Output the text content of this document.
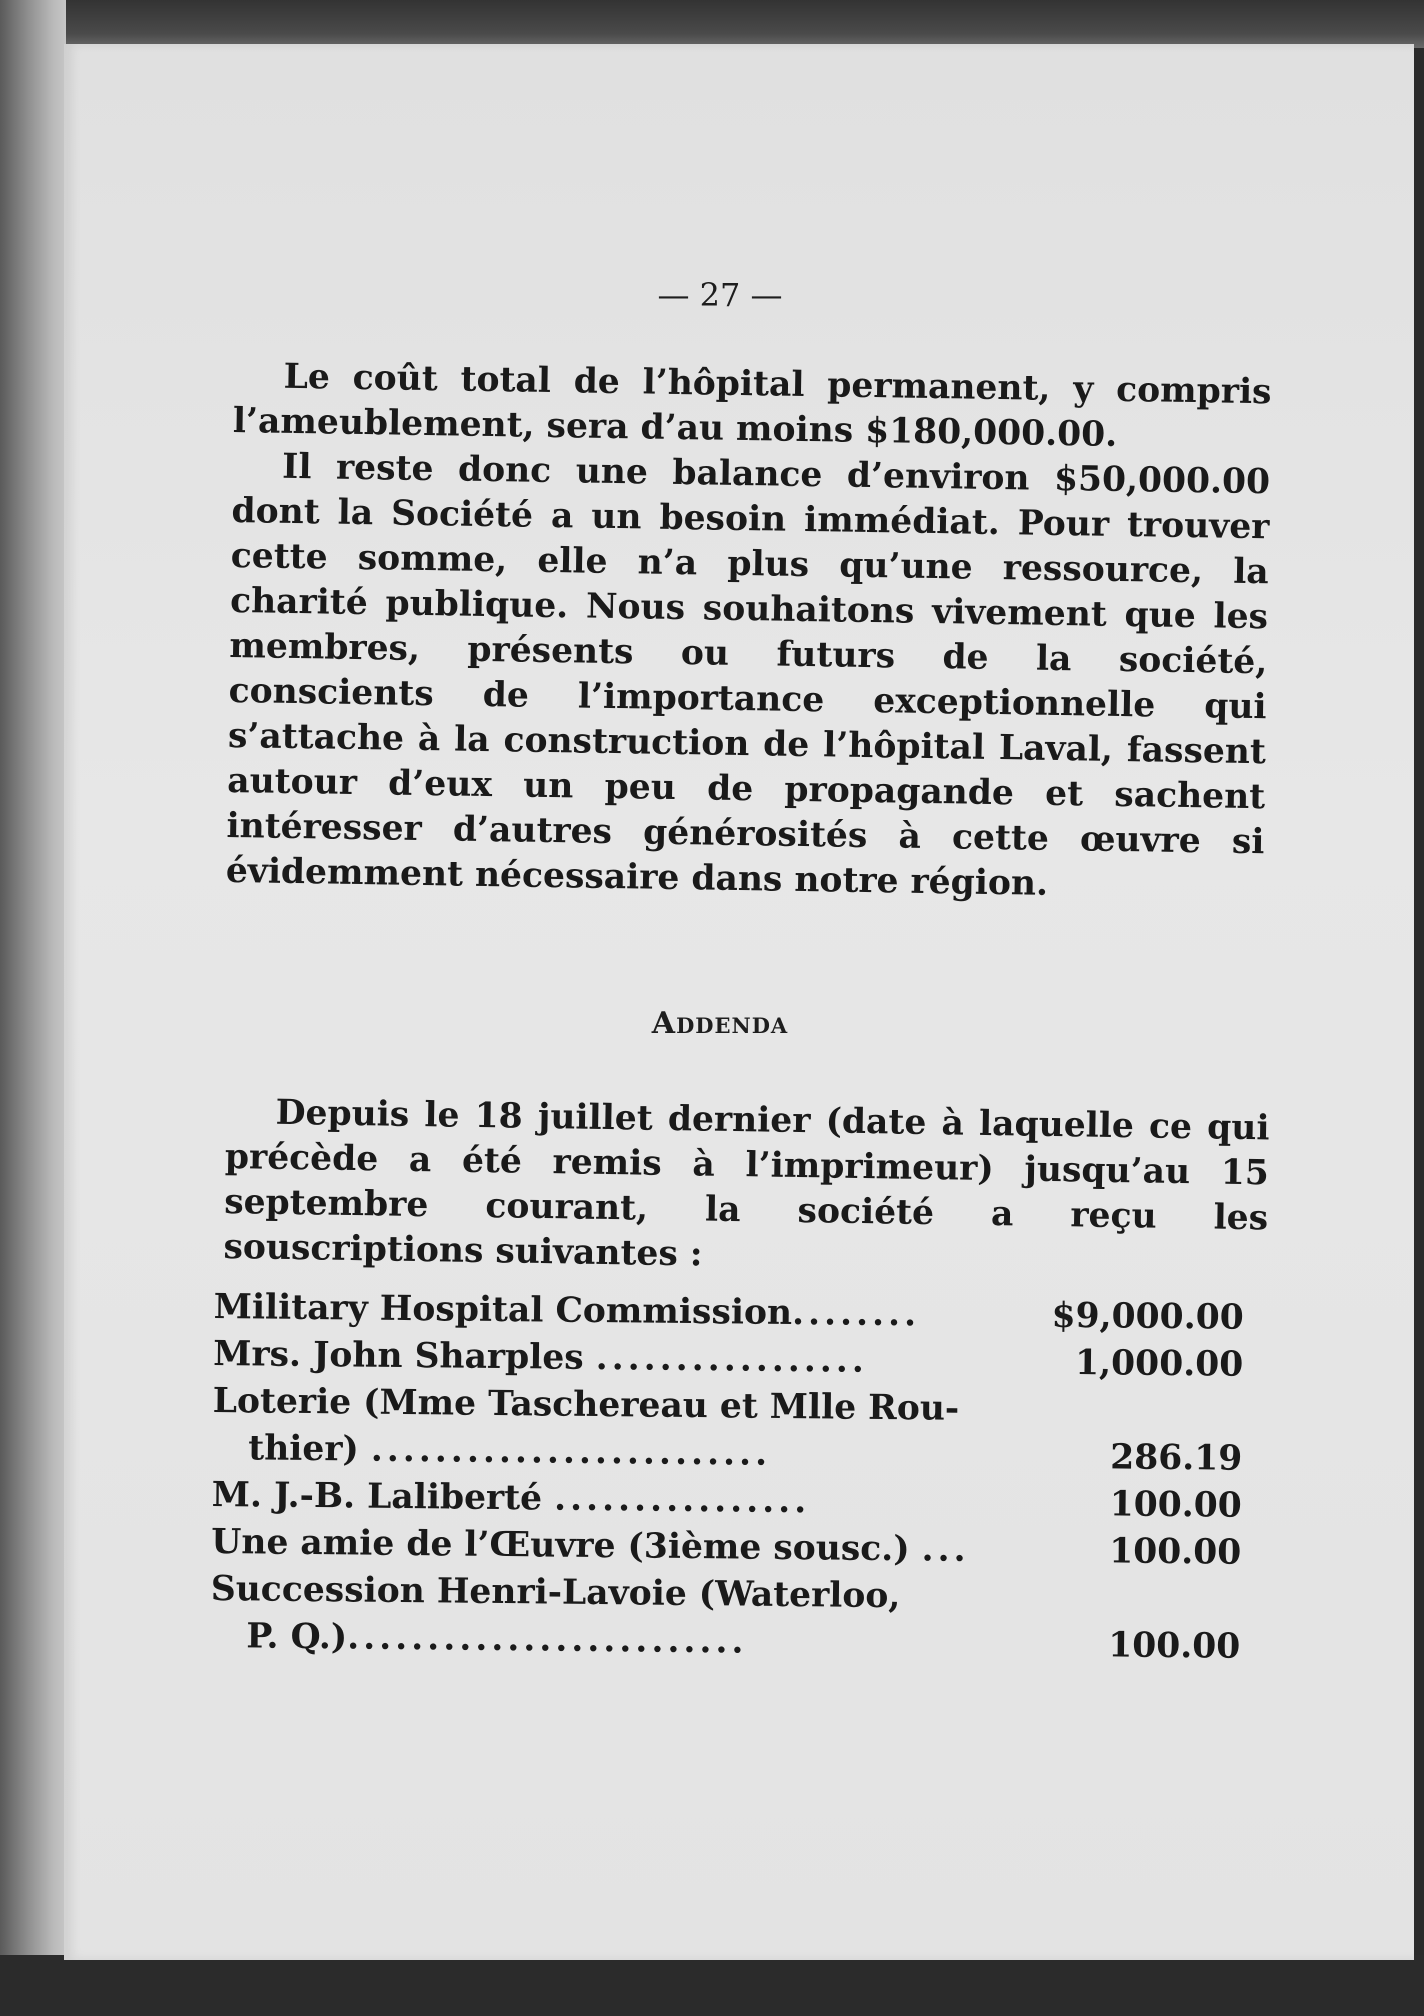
— 27 —

Le coût total de l’hôpital permanent, y compris l’ameublement, sera d’au moins $180,000.00.

Il reste donc une balance d’environ $50,000.00 dont la Société a un besoin immédiat. Pour trouver cette somme, elle n’a plus qu’une ressource, la charité publique. Nous souhaitons vivement que les membres, présents ou futurs de la société, conscients de l’importance exceptionnelle qui s’attache à la construction de l’hôpital Laval, fassent autour d’eux un peu de propagande et sachent intéresser d’autres générosités à cette œuvre si évidemment nécessaire dans notre région.

Addenda

Depuis le 18 juillet dernier (date à laquelle ce qui précède a été remis à l’imprimeur) jusqu’au 15 septembre courant, la société a reçu les souscriptions suivantes :

Military Hospital Commission........	$9,000.00
Mrs. John Sharples .................	1,000.00
Loterie (Mme Taschereau et Mlle Rou-
thier) .........................	286.19
M. J.-B. Laliberté ................	100.00
Une amie de l’Œuvre (3ième sousc.) ...	100.00
Succession Henri-Lavoie (Waterloo,
P. Q.).........................	100.00
